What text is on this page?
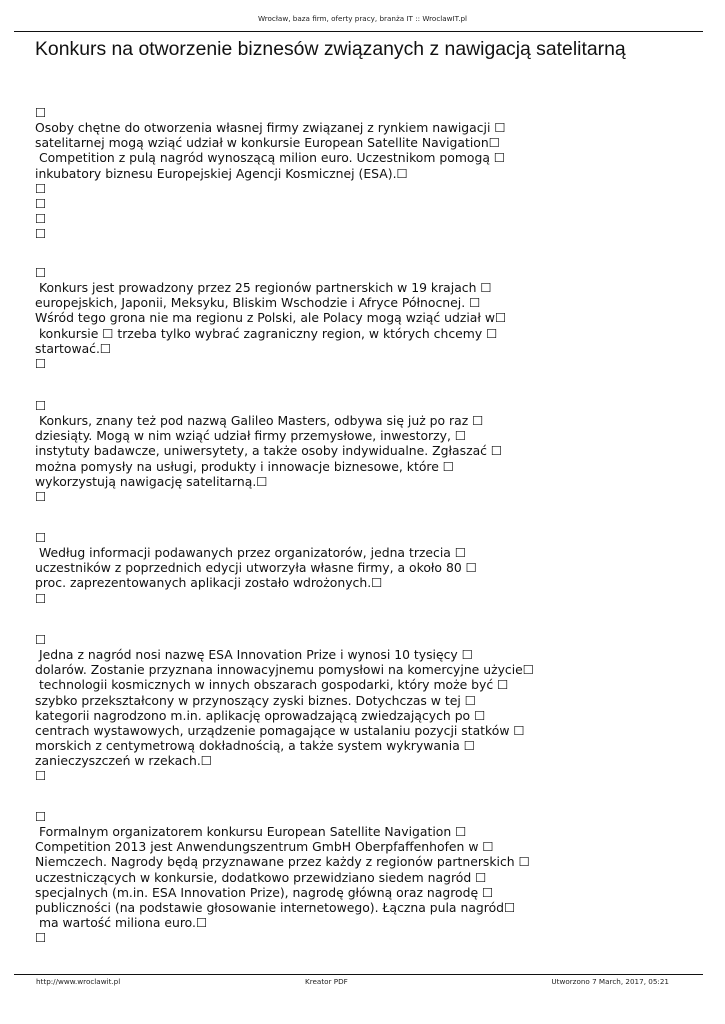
Wrocław, baza firm, oferty pracy, branża IT :: WroclawIT.pl
Konkurs na otworzenie biznesów związanych z nawigacją satelitarną
☐
Osoby chętne do otworzenia własnej firmy związanej z rynkiem nawigacji ☐
satelitarnej mogą wziąć udział w konkursie European Satellite Navigation☐
Competition z pulą nagród wynoszącą milion euro. Uczestnikom pomogą ☐
inkubatory biznesu Europejskiej Agencji Kosmicznej (ESA).☐
☐
☐
☐
☐
☐
Konkurs jest prowadzony przez 25 regionów partnerskich w 19 krajach ☐
europejskich, Japonii, Meksyku, Bliskim Wschodzie i Afryce Północnej. ☐
Wśród tego grona nie ma regionu z Polski, ale Polacy mogą wziąć udział w☐
konkursie ☐ trzeba tylko wybrać zagraniczny region, w których chcemy ☐
startować.☐
☐
☐
Konkurs, znany też pod nazwą Galileo Masters, odbywa się już po raz ☐
dziesiąty. Mogą w nim wziąć udział firmy przemysłowe, inwestorzy, ☐
instytuty badawcze, uniwersytety, a także osoby indywidualne. Zgłaszać ☐
można pomysły na usługi, produkty i innowacje biznesowe, które ☐
wykorzystują nawigację satelitarną.☐
☐
☐
Według informacji podawanych przez organizatorów, jedna trzecia ☐
uczestników z poprzednich edycji utworzyła własne firmy, a około 80 ☐
proc. zaprezentowanych aplikacji zostało wdrożonych.☐
☐
☐
Jedna z nagród nosi nazwę ESA Innovation Prize i wynosi 10 tysięcy ☐
dolarów. Zostanie przyznana innowacyjnemu pomysłowi na komercyjne użycie☐
technologii kosmicznych w innych obszarach gospodarki, który może być ☐
szybko przekształcony w przynoszący zyski biznes. Dotychczas w tej ☐
kategorii nagrodzono m.in. aplikację oprowadzającą zwiedzających po ☐
centrach wystawowych, urządzenie pomagające w ustalaniu pozycji statków ☐
morskich z centymetrową dokładnością, a także system wykrywania ☐
zanieczyszczeń w rzekach.☐
☐
☐
Formalnym organizatorem konkursu European Satellite Navigation ☐
Competition 2013 jest Anwendungszentrum GmbH Oberpfaffenhofen w ☐
Niemczech. Nagrody będą przyznawane przez każdy z regionów partnerskich ☐
uczestniczących w konkursie, dodatkowo przewidziano siedem nagród ☐
specjalnych (m.in. ESA Innovation Prize), nagrodę główną oraz nagrodę ☐
publiczności (na podstawie głosowanie internetowego). Łączna pula nagród☐
ma wartość miliona euro.☐
☐
http://www.wroclawit.pl	Kreator PDF	Utworzono 7 March, 2017, 05:21
